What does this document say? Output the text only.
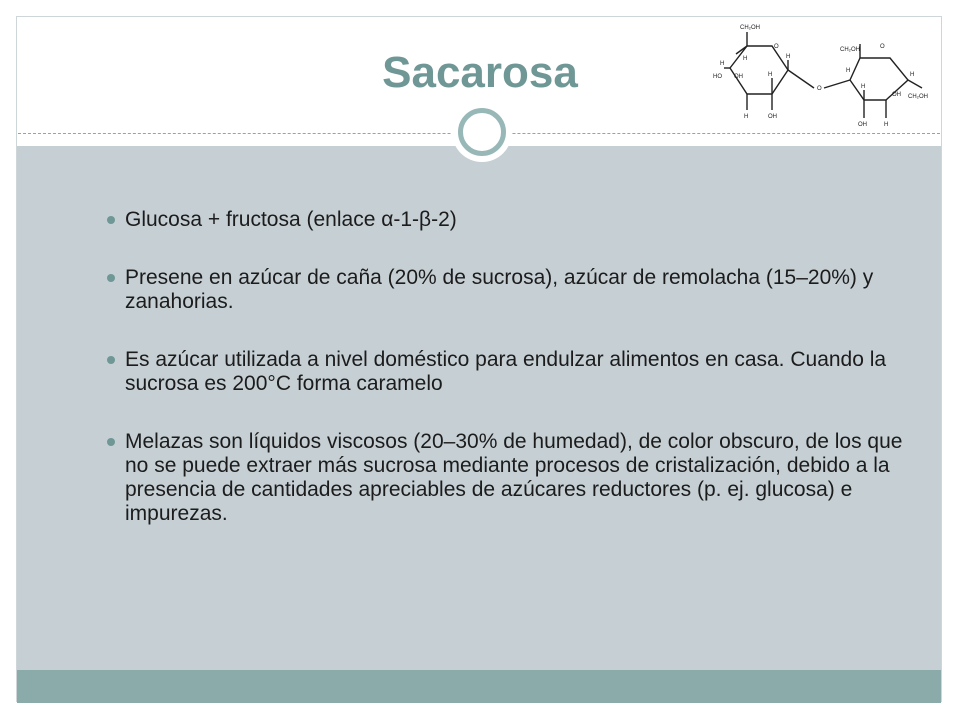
Sacarosa
CH₂OH
O
H
HO OH
H
H	OH
H
H
O
CH₂OH	O
H
OH	H
OH
H
CH₂OH
H
Glucosa + fructosa (enlace α-1-β-2)
Presene en azúcar de caña (20% de sucrosa), azúcar de remolacha (15–20%) y zanahorias.
Es azúcar utilizada a nivel doméstico para endulzar alimentos en casa. Cuando la sucrosa es 200°C forma caramelo
Melazas son líquidos viscosos (20–30% de humedad), de color obscuro, de los que no se puede extraer más sucrosa mediante procesos de cristalización, debido a la presencia de cantidades apreciables de azúcares reductores (p. ej. glucosa) e impurezas.
